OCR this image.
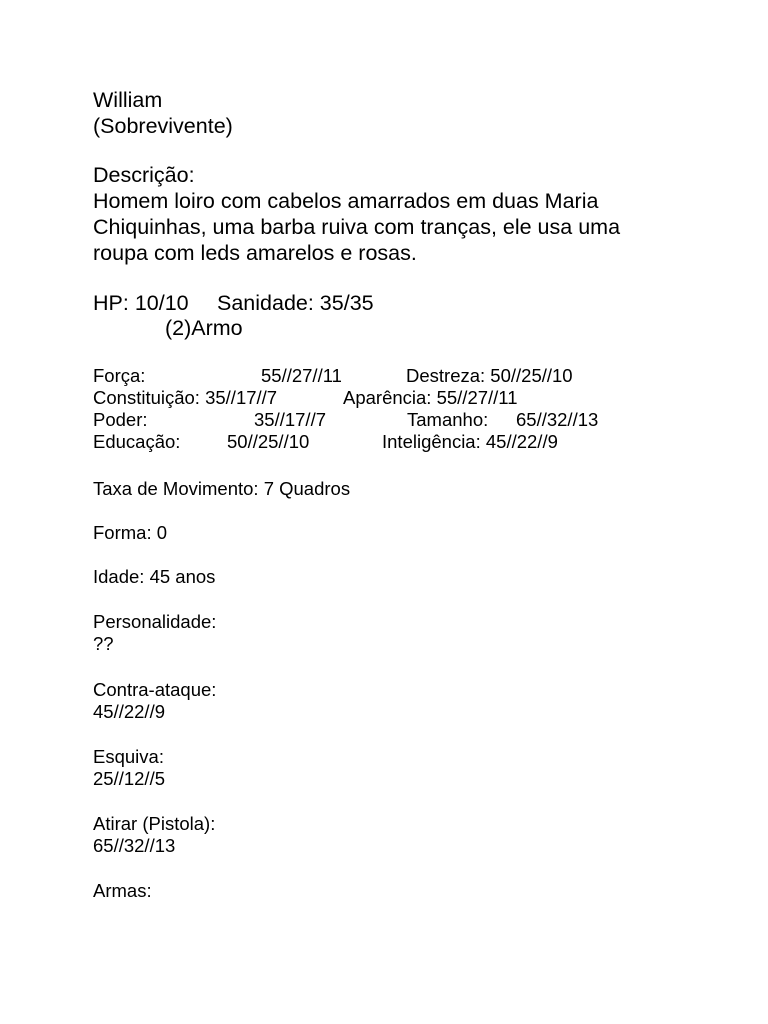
William
(Sobrevivente)
Descrição:
Homem loiro com cabelos amarrados em duas Maria
Chiquinhas, uma barba ruiva com tranças, ele usa uma
roupa com leds amarelos e rosas.
HP: 10/10 Sanidade: 35/35
(2)Armo
Força:	55//27//11	Destreza: 50//25//10
Constituição: 35//17//7	Aparência: 55//27//11
Poder:	35//17//7	Tamanho: 65//32//13
Educação:	50//25//10	Inteligência: 45//22//9
Taxa de Movimento: 7 Quadros
Forma: 0
Idade: 45 anos
Personalidade:
??
Contra-ataque:
45//22//9
Esquiva:
25//12//5
Atirar (Pistola):
65//32//13
Armas:
